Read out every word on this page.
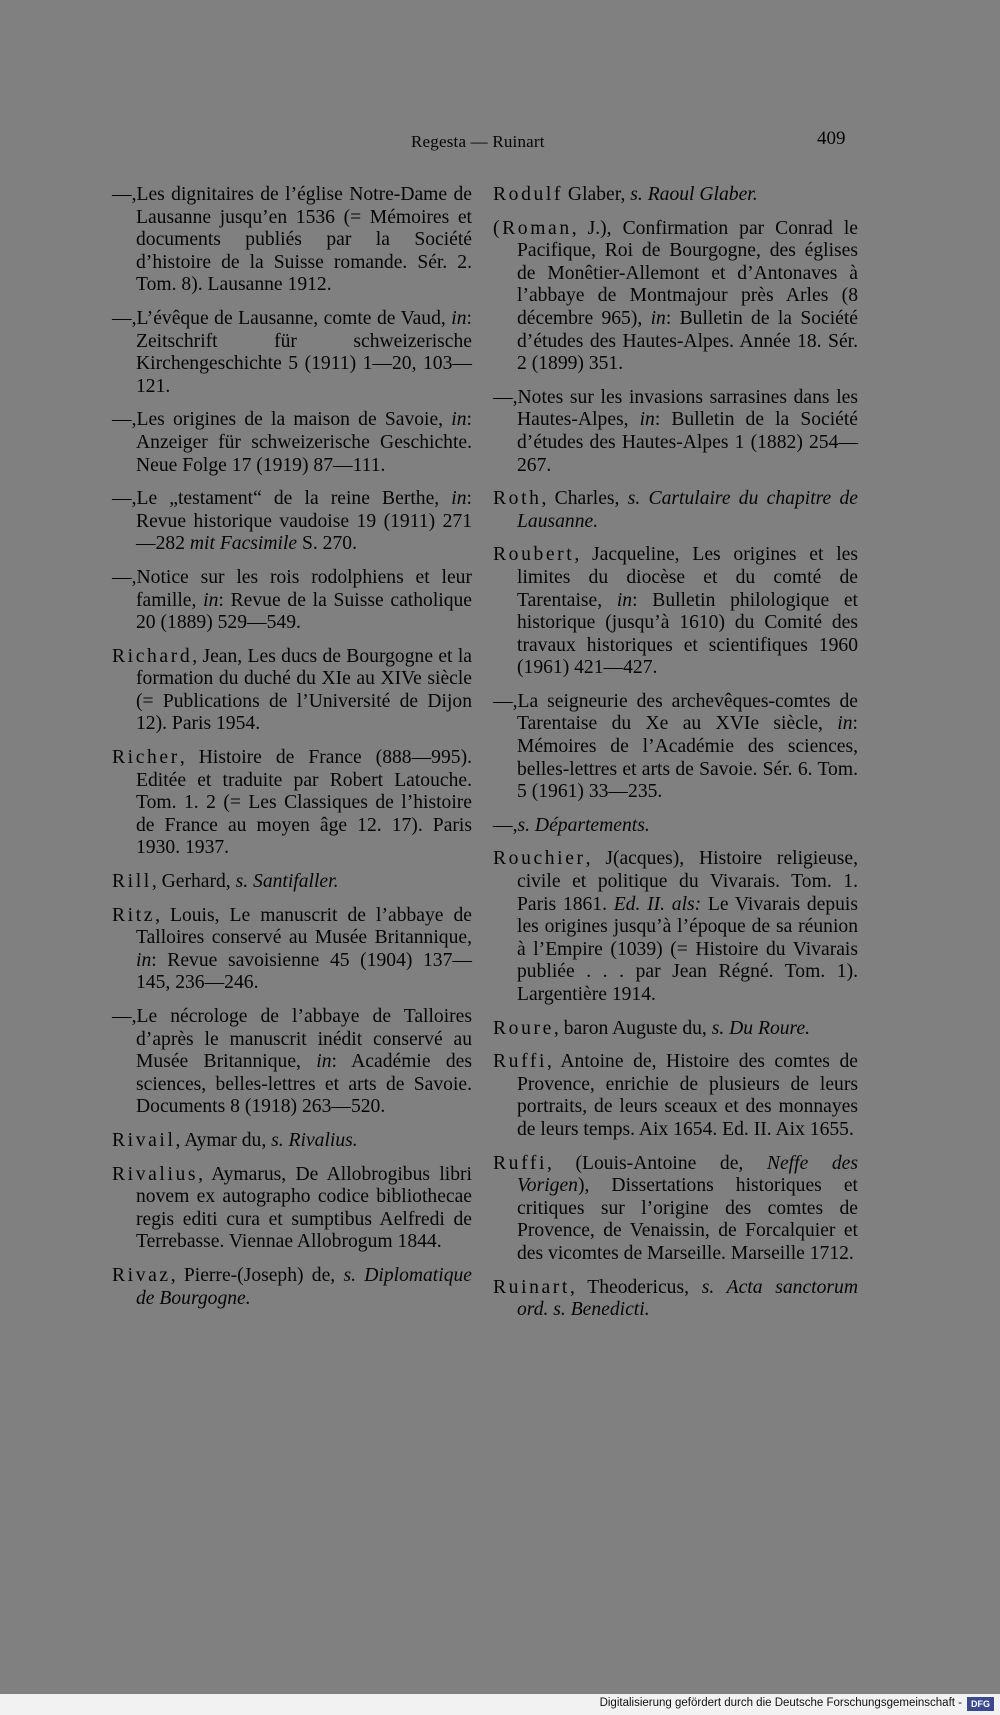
Regesta — Ruinart	409

—,Les dignitaires de l’église Notre-Dame de Lausanne jusqu’en 1536 (= Mémoires et documents publiés par la Société d’histoire de la Suisse romande. Sér. 2. Tom. 8). Lausanne 1912.

—,L’évêque de Lausanne, comte de Vaud, in: Zeitschrift für schweizerische Kirchengeschichte 5 (1911) 1—20, 103—121.

—,Les origines de la maison de Savoie, in: Anzeiger für schweizerische Geschichte. Neue Folge 17 (1919) 87—111.

—,Le „testament“ de la reine Berthe, in: Revue historique vaudoise 19 (1911) 271—282 mit Facsimile S. 270.

—,Notice sur les rois rodolphiens et leur famille, in: Revue de la Suisse catholique 20 (1889) 529—549.

Richard, Jean, Les ducs de Bourgogne et la formation du duché du XIe au XIVe siècle (= Publications de l’Université de Dijon 12). Paris 1954.

Richer, Histoire de France (888—995). Editée et traduite par Robert Latouche. Tom. 1. 2 (= Les Classiques de l’histoire de France au moyen âge 12. 17). Paris 1930. 1937.

Rill, Gerhard, s. Santifaller.

Ritz, Louis, Le manuscrit de l’abbaye de Talloires conservé au Musée Britannique, in: Revue savoisienne 45 (1904) 137—145, 236—246.

—,Le nécrologe de l’abbaye de Talloires d’après le manuscrit inédit conservé au Musée Britannique, in: Académie des sciences, belles-lettres et arts de Savoie. Documents 8 (1918) 263—520.

Rivail, Aymar du, s. Rivalius.

Rivalius, Aymarus, De Allobrogibus libri novem ex autographo codice bibliothecae regis editi cura et sumptibus Aelfredi de Terrebasse. Viennae Allobrogum 1844.

Rivaz, Pierre-(Joseph) de, s. Diplomatique de Bourgogne.

Rodulf Glaber, s. Raoul Glaber.

(Roman, J.), Confirmation par Conrad le Pacifique, Roi de Bourgogne, des églises de Monêtier-Allemont et d’Antonaves à l’abbaye de Montmajour près Arles (8 décembre 965), in: Bulletin de la Société d’études des Hautes-Alpes. Année 18. Sér. 2 (1899) 351.

—,Notes sur les invasions sarrasines dans les Hautes-Alpes, in: Bulletin de la Société d’études des Hautes-Alpes 1 (1882) 254—267.

Roth, Charles, s. Cartulaire du chapitre de Lausanne.

Roubert, Jacqueline, Les origines et les limites du diocèse et du comté de Tarentaise, in: Bulletin philologique et historique (jusqu’à 1610) du Comité des travaux historiques et scientifiques 1960 (1961) 421—427.

—,La seigneurie des archevêques-comtes de Tarentaise du Xe au XVIe siècle, in: Mémoires de l’Académie des sciences, belles-lettres et arts de Savoie. Sér. 6. Tom. 5 (1961) 33—235.

—,s. Départements.

Rouchier, J(acques), Histoire religieuse, civile et politique du Vivarais. Tom. 1. Paris 1861. Ed. II. als: Le Vivarais depuis les origines jusqu’à l’époque de sa réunion à l’Empire (1039) (= Histoire du Vivarais publiée . . . par Jean Régné. Tom. 1). Largentière 1914.

Roure, baron Auguste du, s. Du Roure.

Ruffi, Antoine de, Histoire des comtes de Provence, enrichie de plusieurs de leurs portraits, de leurs sceaux et des monnayes de leurs temps. Aix 1654. Ed. II. Aix 1655.

Ruffi, (Louis-Antoine de, Neffe des Vorigen), Dissertations historiques et critiques sur l’origine des comtes de Provence, de Venaissin, de Forcalquier et des vicomtes de Marseille. Marseille 1712.

Ruinart, Theodericus, s. Acta sanctorum ord. s. Benedicti.

Digitalisierung gefördert durch die Deutsche Forschungsgemeinschaft -	DFG
